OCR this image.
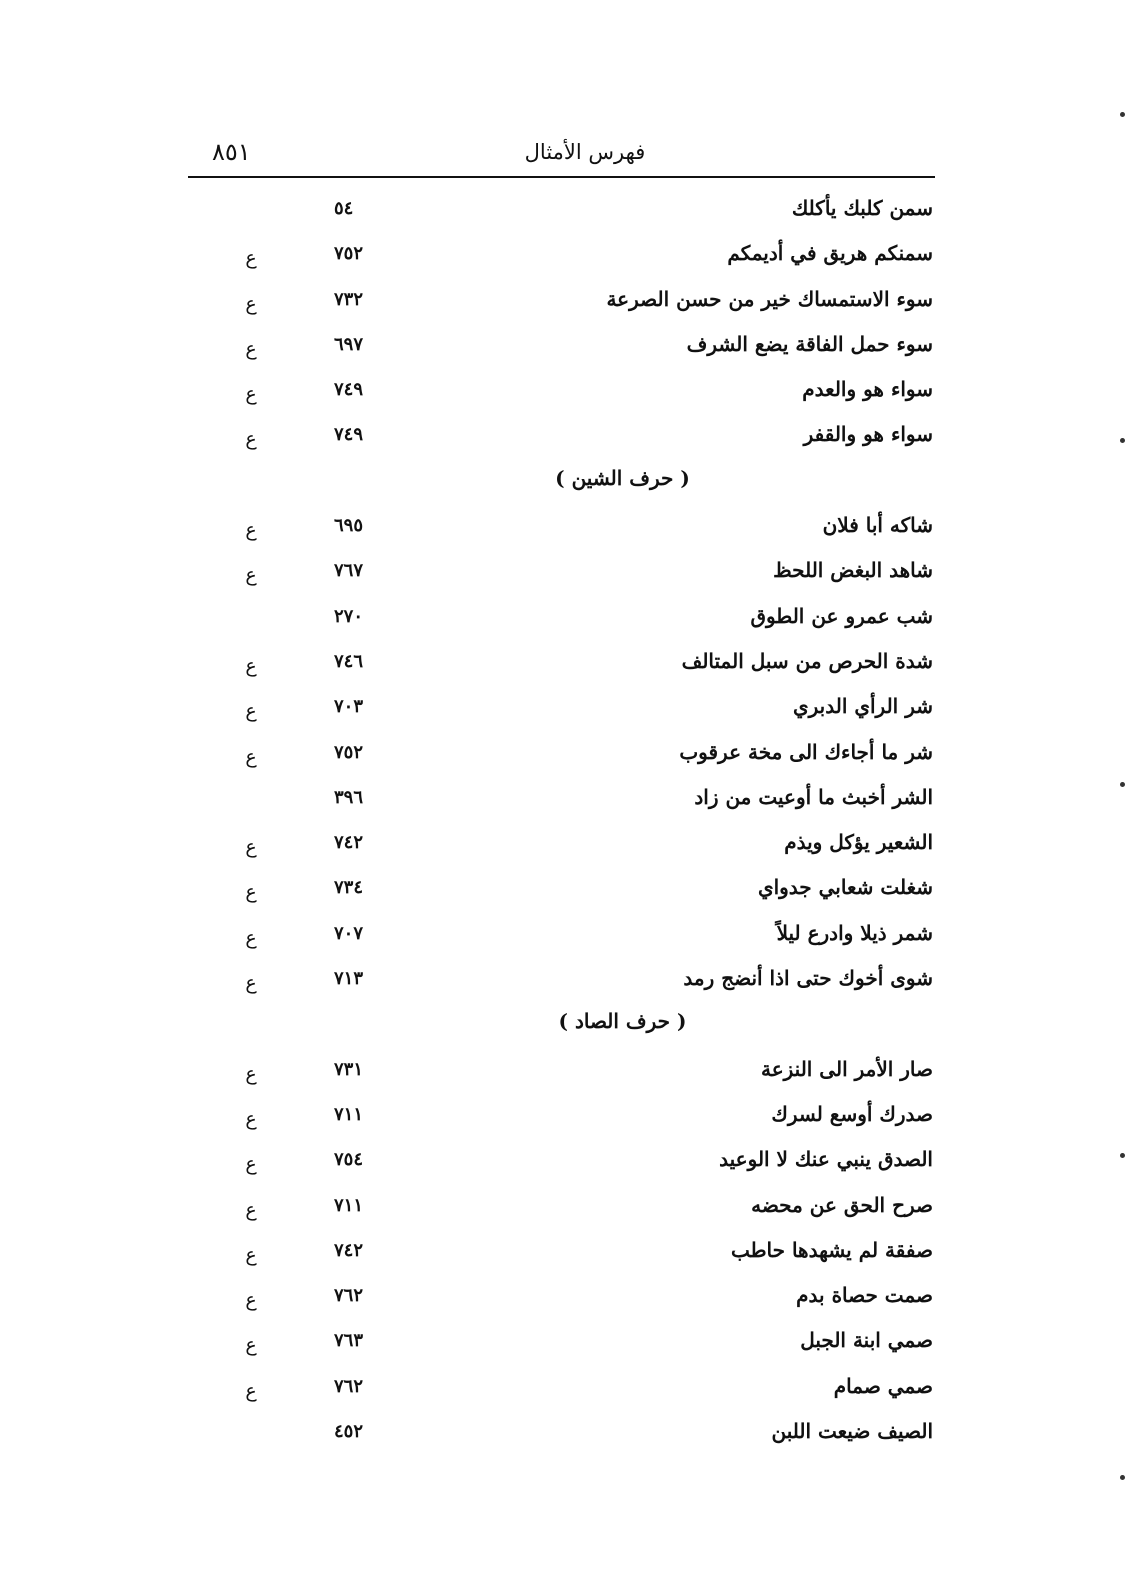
٨٥١	فهرس الأمثال
سمن كلبك يأكلك
٥٤
سمنكم هريق في أديمكم
٧٥٢
ع
سوء الاستمساك خير من حسن الصرعة
٧٣٢
ع
سوء حمل الفاقة يضع الشرف
٦٩٧
ع
سواء هو والعدم
٧٤٩
ع
سواء هو والقفر
٧٤٩
ع
( حرف الشين )
شاكه أبا فلان
٦٩٥
ع
شاهد البغض اللحظ
٧٦٧
ع
شب عمرو عن الطوق
٢٧٠
شدة الحرص من سبل المتالف
٧٤٦
ع
شر الرأي الدبري
٧٠٣
ع
شر ما أجاءك الى مخة عرقوب
٧٥٢
ع
الشر أخبث ما أوعيت من زاد
٣٩٦
الشعير يؤكل ويذم
٧٤٢
ع
شغلت شعابي جدواي
٧٣٤
ع
شمر ذيلا وادرع ليلاً
٧٠٧
ع
شوى أخوك حتى اذا أنضج رمد
٧١٣
ع
( حرف الصاد )
صار الأمر الى النزعة
٧٣١
ع
صدرك أوسع لسرك
٧١١
ع
الصدق ينبي عنك لا الوعيد
٧٥٤
ع
صرح الحق عن محضه
٧١١
ع
صفقة لم يشهدها حاطب
٧٤٢
ع
صمت حصاة بدم
٧٦٢
ع
صمي ابنة الجبل
٧٦٣
ع
صمي صمام
٧٦٢
ع
الصيف ضيعت اللبن
٤٥٢
